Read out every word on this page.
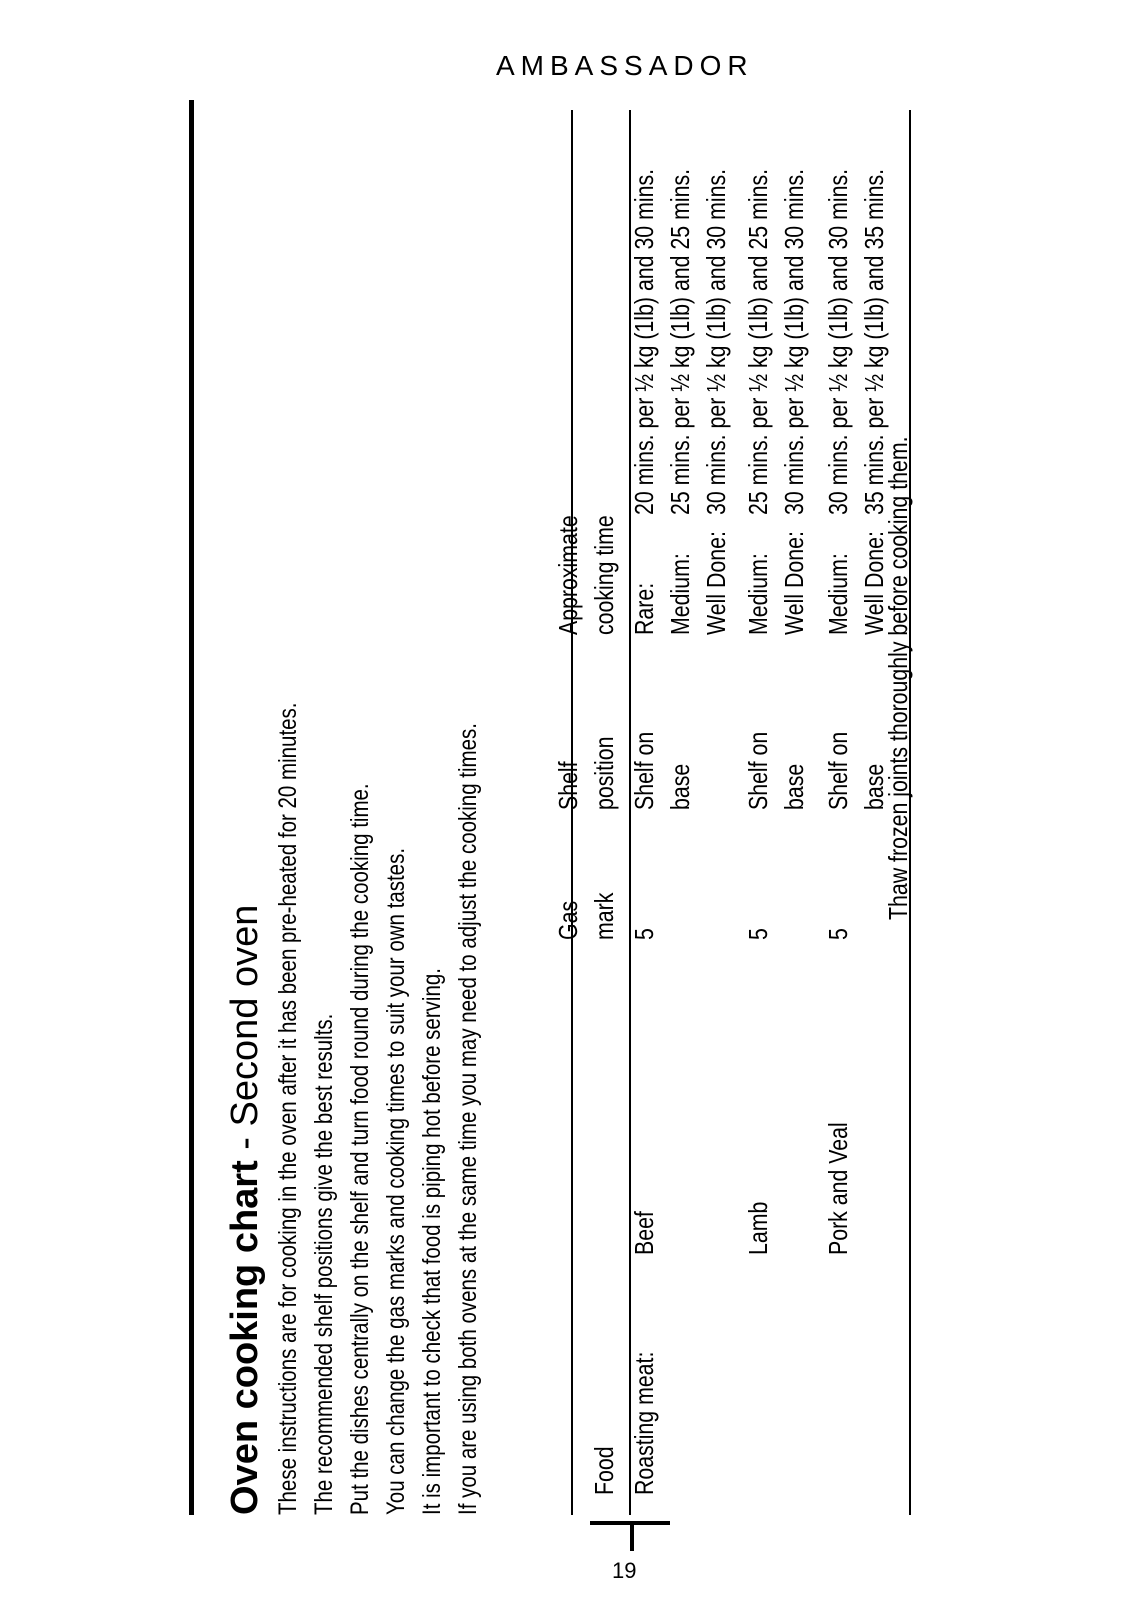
AMBASSADOR
19
Oven cooking chart - Second oven These instructions are for cooking in the oven after it has been pre-heated for 20 minutes. The recommended shelf positions give the best results. Put the dishes centrally on the shelf and turn food round during the cooking time. You can change the gas marks and cooking times to suit your own tastes. It is important to check that food is piping hot before serving. If you are using both ovens at the same time you may need to adjust the cooking times.	Gas mark
Shelf position
Approximate cooking time
Food Roasting meat:
Beef
5
Shelf on base
Rare:
20 mins. per ½ kg (1lb) and 30 mins.
Medium:
25 mins. per ½ kg (1lb) and 25 mins.
Well Done:
30 mins. per ½ kg (1lb) and 30 mins.
Lamb
5
Shelf on base
Medium:
25 mins. per ½ kg (1lb) and 25 mins.
Well Done:
30 mins. per ½ kg (1lb) and 30 mins.
Pork and Veal
5
Shelf on base
Medium:
30 mins. per ½ kg (1lb) and 30 mins.
Well Done:
35 mins. per ½ kg (1lb) and 35 mins.
Thaw frozen joints thoroughly before cooking them.
